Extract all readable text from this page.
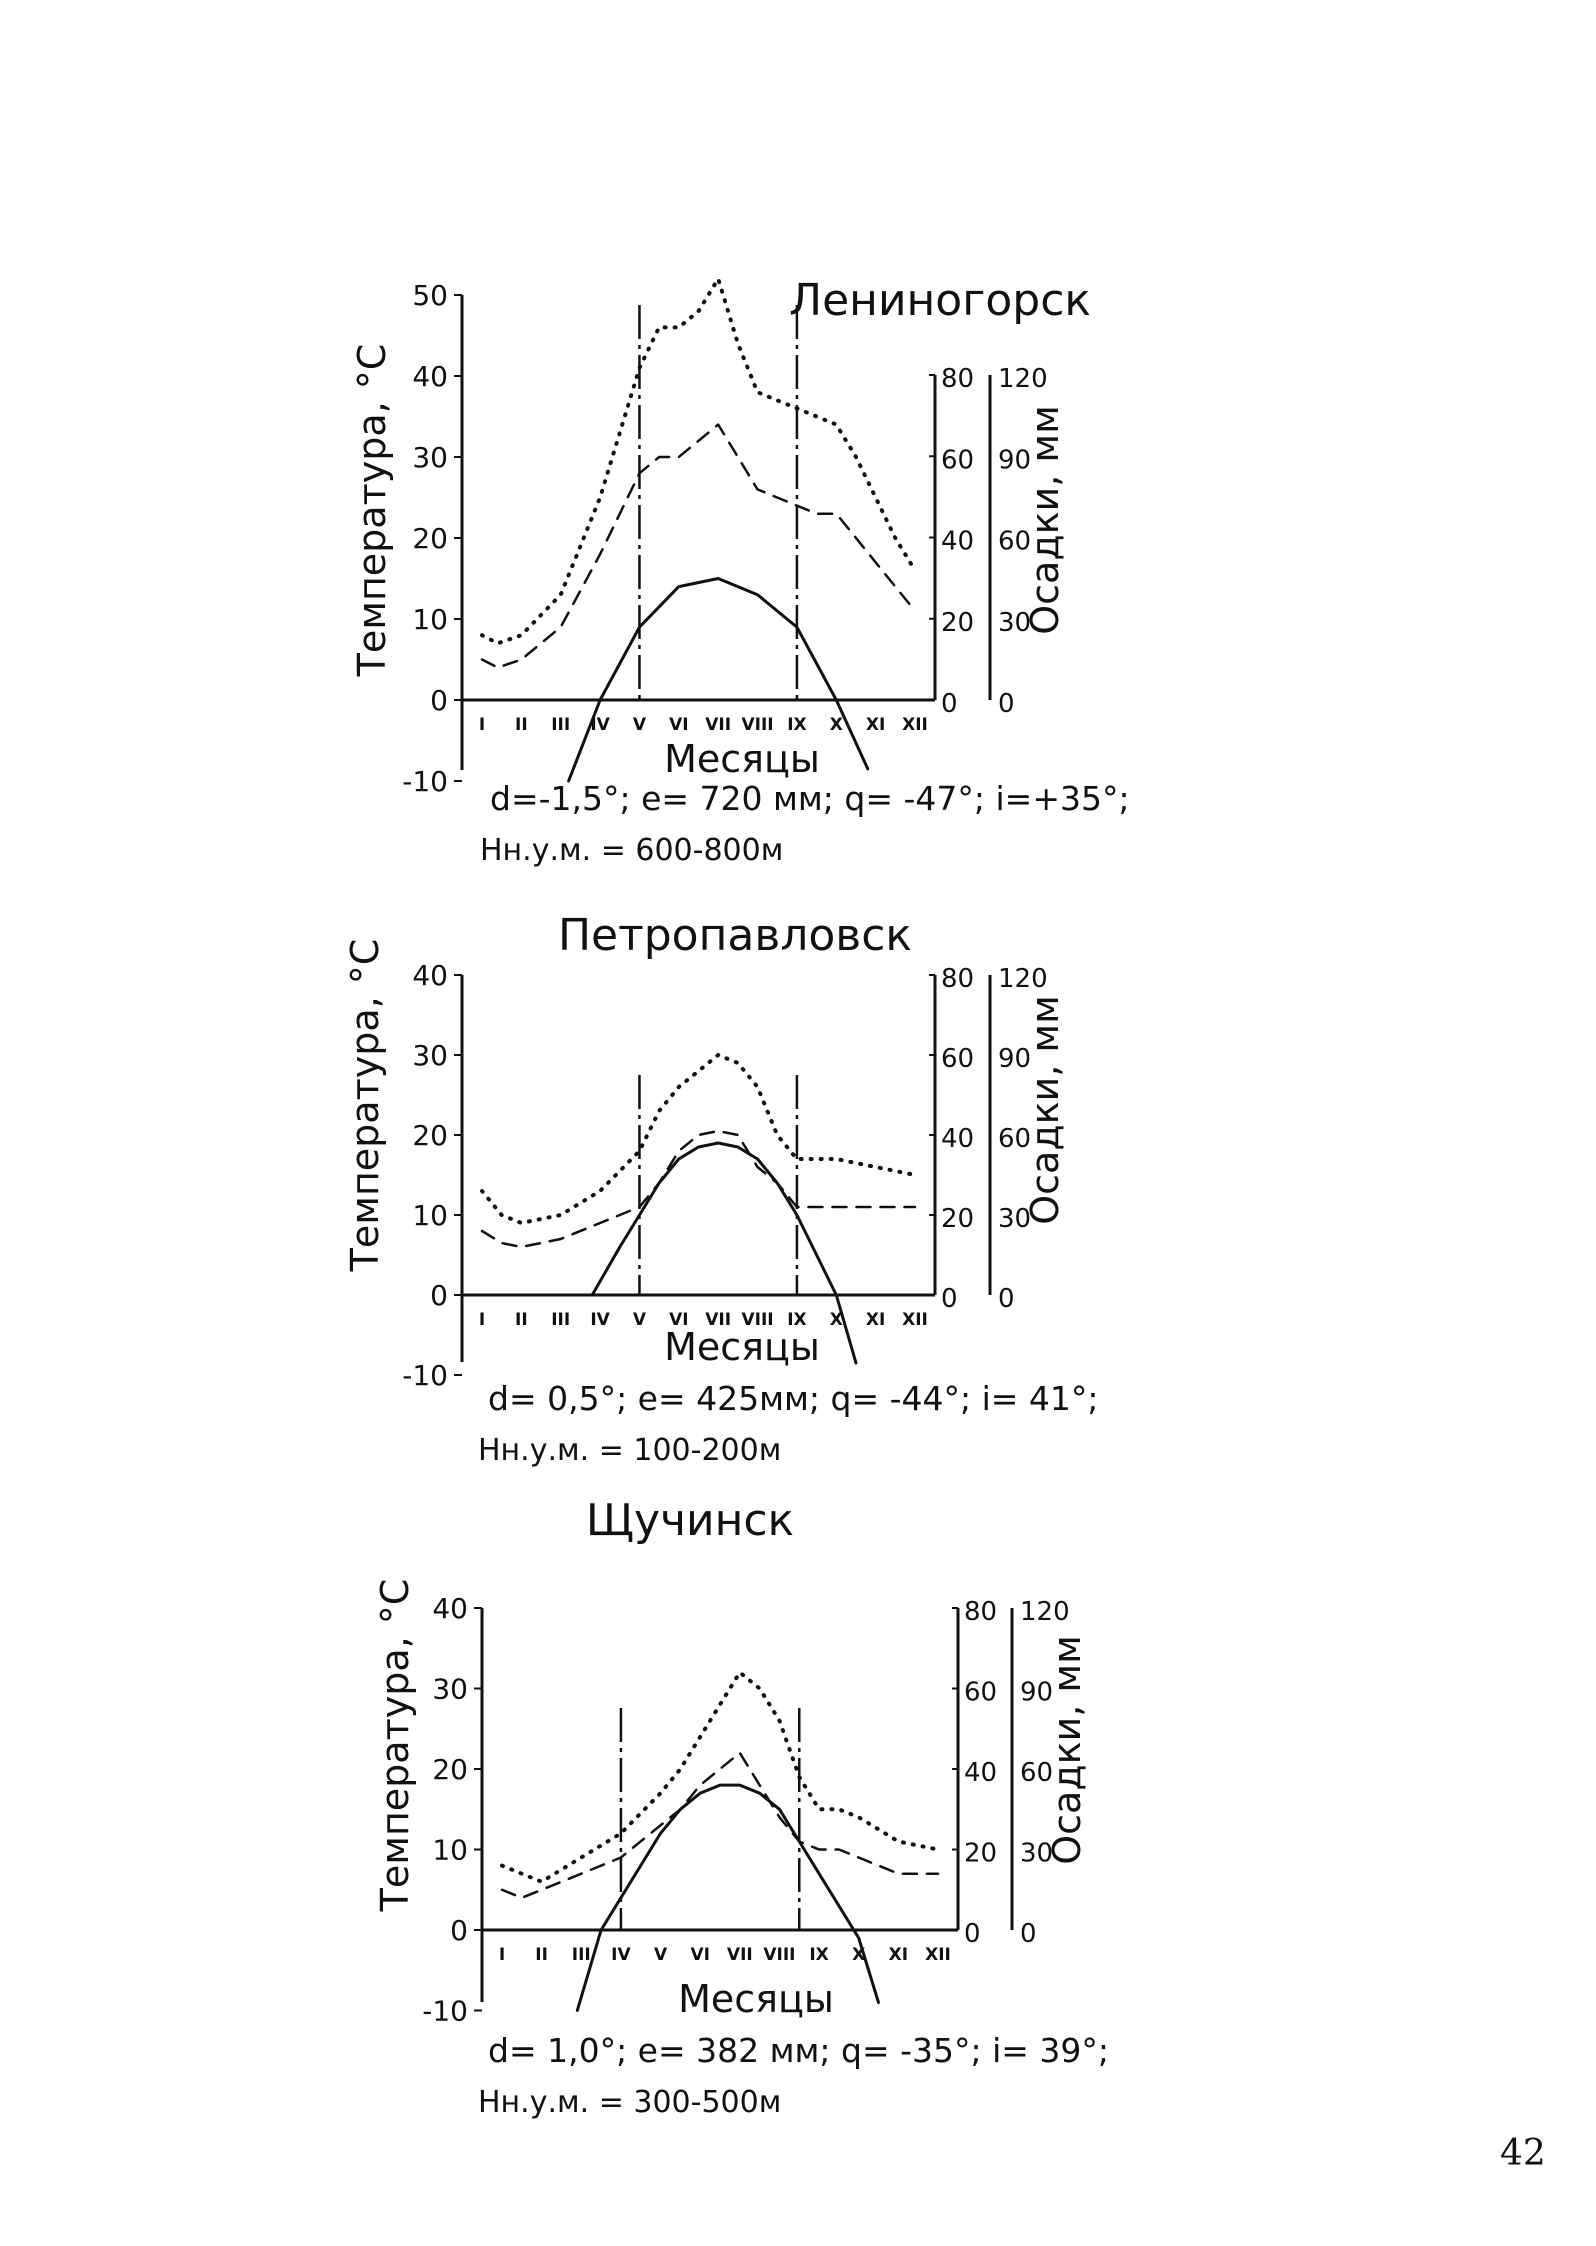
Лениногорск
Температура, °С	Осадки, мм
Месяцы
d=-1,5°; e= 720 мм; q= -47°; i=+35°;
Нн.у.м. = 600-800м
50
40
30
20
10
0
-10
80 120
60 90
40 60
20 30
0 0
I II III IV V VI VII VIII IX X XI XII
Петропавловск
Температура, °С	Осадки, мм
Месяцы
d= 0,5°; e= 425мм; q= -44°; i= 41°;
Нн.у.м. = 100-200м
40
30
20
10
0
-10
80 120
60 90
40 60
20 30
0 0
I II III IV V VI VII VIII IX X XI XII
Щучинск
Температура, °С	Осадки, мм
Месяцы
d= 1,0°; e= 382 мм; q= -35°; i= 39°;
Нн.у.м. = 300-500м
40
30
20
10
0
-10
80 120
60 90
40 60
20 30
0 0
I II III IV V VI VII VIII IX X XI XII
42
